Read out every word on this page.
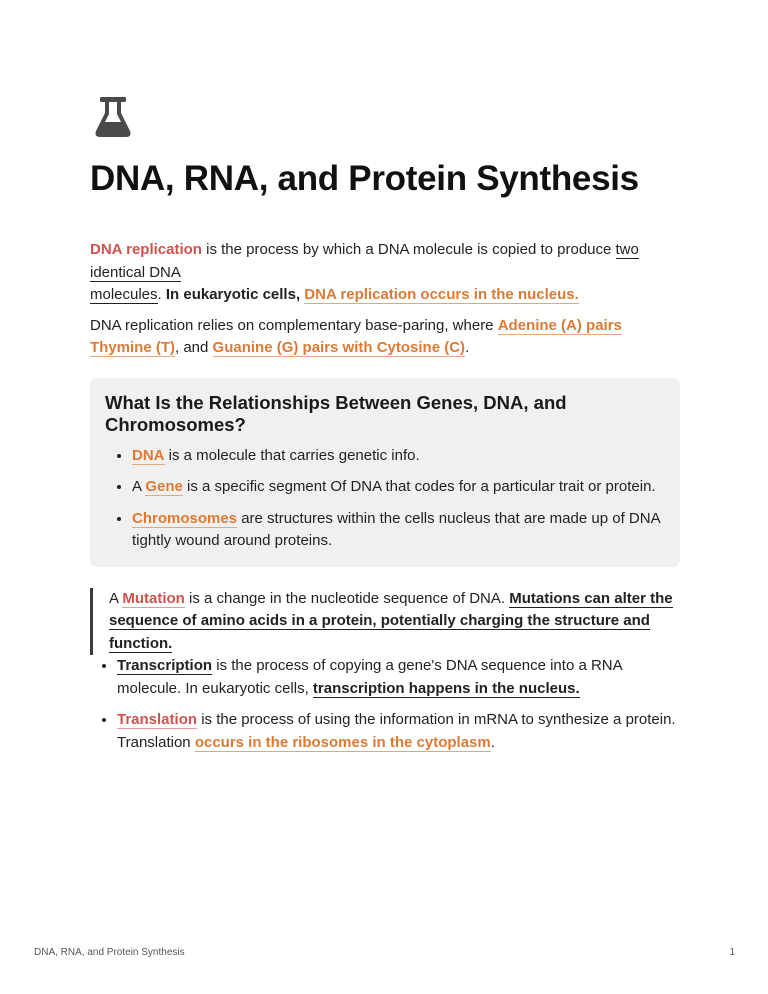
DNA, RNA, and Protein Synthesis

DNA replication is the process by which a DNA molecule is copied to produce two identical DNA
molecules. In eukaryotic cells, DNA replication occurs in the nucleus.

DNA replication relies on complementary base-paring, where Adenine (A) pairs Thymine (T), and Guanine (G) pairs with Cytosine (C).

What Is the Relationships Between Genes, DNA, and Chromosomes?
• DNA is a molecule that carries genetic info.
• A Gene is a specific segment Of DNA that codes for a particular trait or protein.
• Chromosomes are structures within the cells nucleus that are made up of DNA tightly wound around proteins.
A Mutation is a change in the nucleotide sequence of DNA. Mutations can alter the sequence of amino acids in a protein, potentially charging the structure and function.
• Transcription is the process of copying a gene's DNA sequence into a RNA molecule. In eukaryotic cells, transcription happens in the nucleus.
• Translation is the process of using the information in mRNA to synthesize a protein. Translation occurs in the ribosomes in the cytoplasm.
DNA, RNA, and Protein Synthesis	1
